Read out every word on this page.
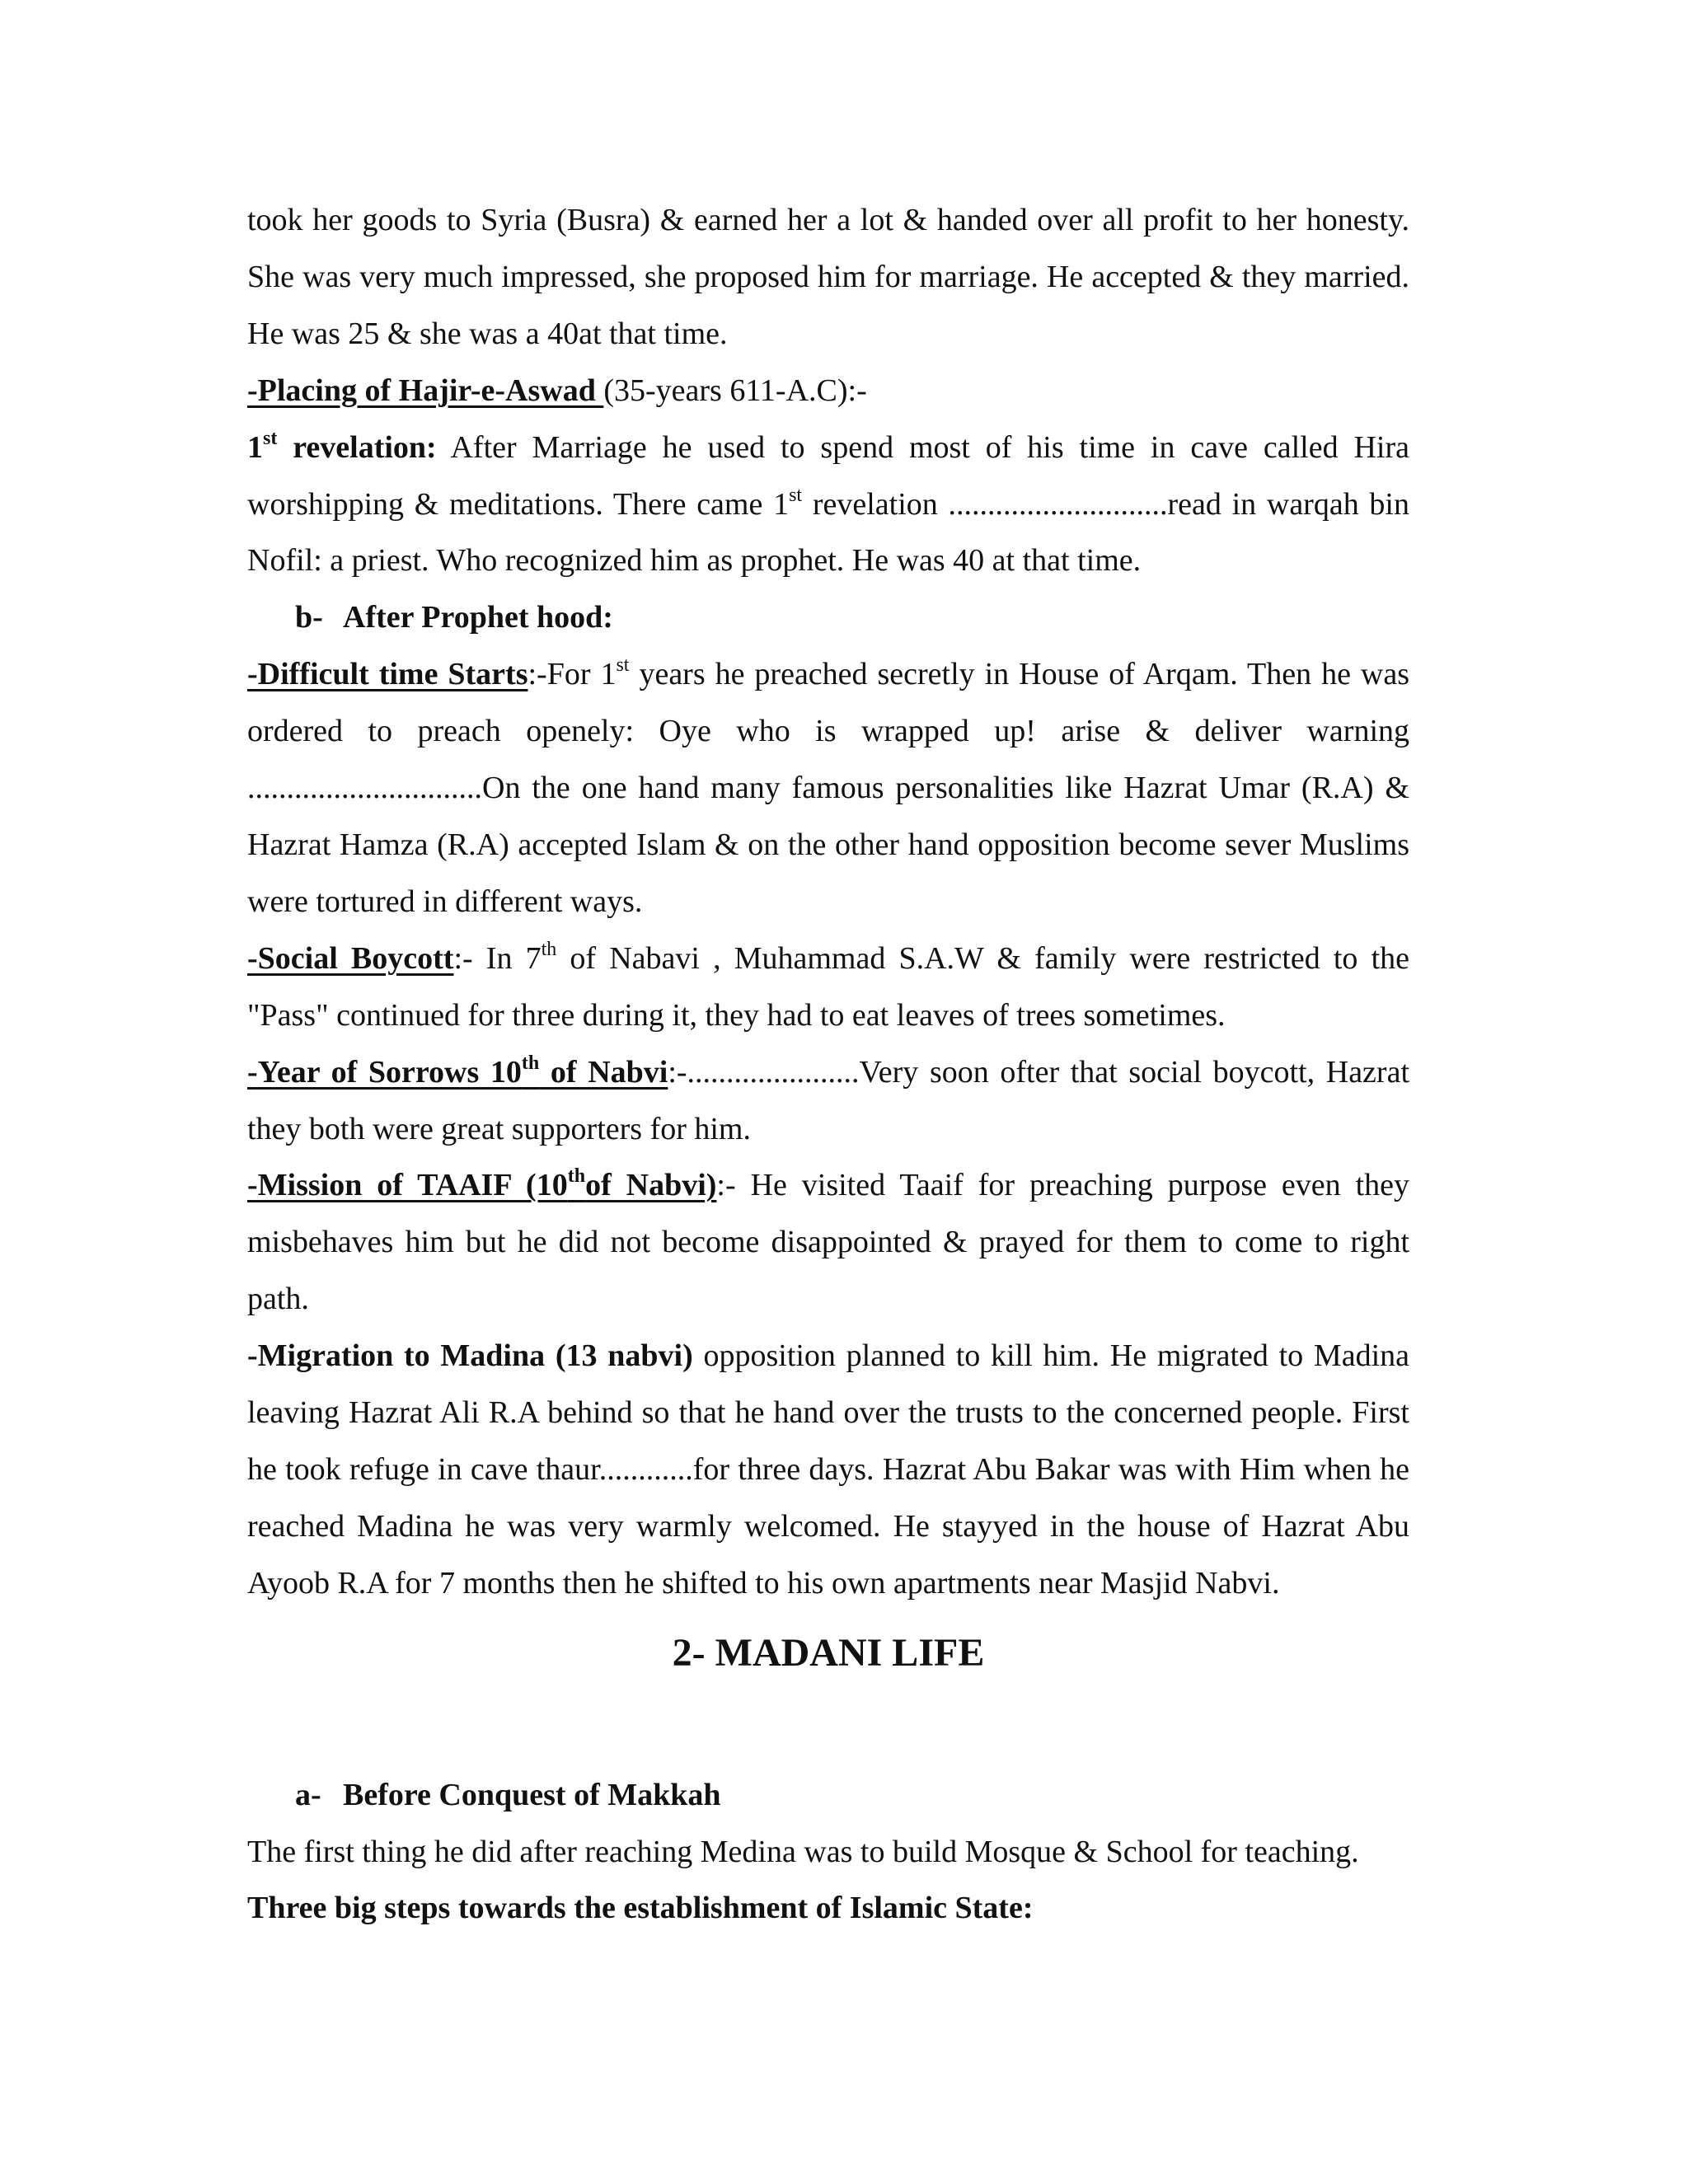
took her goods to Syria (Busra) & earned her a lot & handed over all profit to her honesty. She was very much impressed, she proposed him for marriage. He accepted & they married. He was 25 & she was a 40at that time.

-Placing of Hajir-e-Aswad (35-years 611-A.C):-

1st revelation: After Marriage he used to spend most of his time in cave called Hira worshipping & meditations. There came 1st revelation ............................read in warqah bin Nofil: a priest. Who recognized him as prophet. He was 40 at that time.

b- After Prophet hood:

-Difficult time Starts:-For 1st years he preached secretly in House of Arqam. Then he was ordered to preach openely: Oye who is wrapped up! arise & deliver warning ..............................On the one hand many famous personalities like Hazrat Umar (R.A) & Hazrat Hamza (R.A) accepted Islam & on the other hand opposition become sever Muslims were tortured in different ways.

-Social Boycott:- In 7th of Nabavi , Muhammad S.A.W & family were restricted to the "Pass" continued for three during it, they had to eat leaves of trees sometimes.

-Year of Sorrows 10th of Nabvi:-......................Very soon ofter that social boycott, Hazrat they both were great supporters for him.

-Mission of TAAIF (10thof Nabvi):- He visited Taaif for preaching purpose even they misbehaves him but he did not become disappointed & prayed for them to come to right path.

-Migration to Madina (13 nabvi) opposition planned to kill him. He migrated to Madina leaving Hazrat Ali R.A behind so that he hand over the trusts to the concerned people. First he took refuge in cave thaur............for three days. Hazrat Abu Bakar was with Him when he reached Madina he was very warmly welcomed. He stayyed in the house of Hazrat Abu Ayoob R.A for 7 months then he shifted to his own apartments near Masjid Nabvi.

2- MADANI LIFE

a- Before Conquest of Makkah

The first thing he did after reaching Medina was to build Mosque & School for teaching.

Three big steps towards the establishment of Islamic State:
